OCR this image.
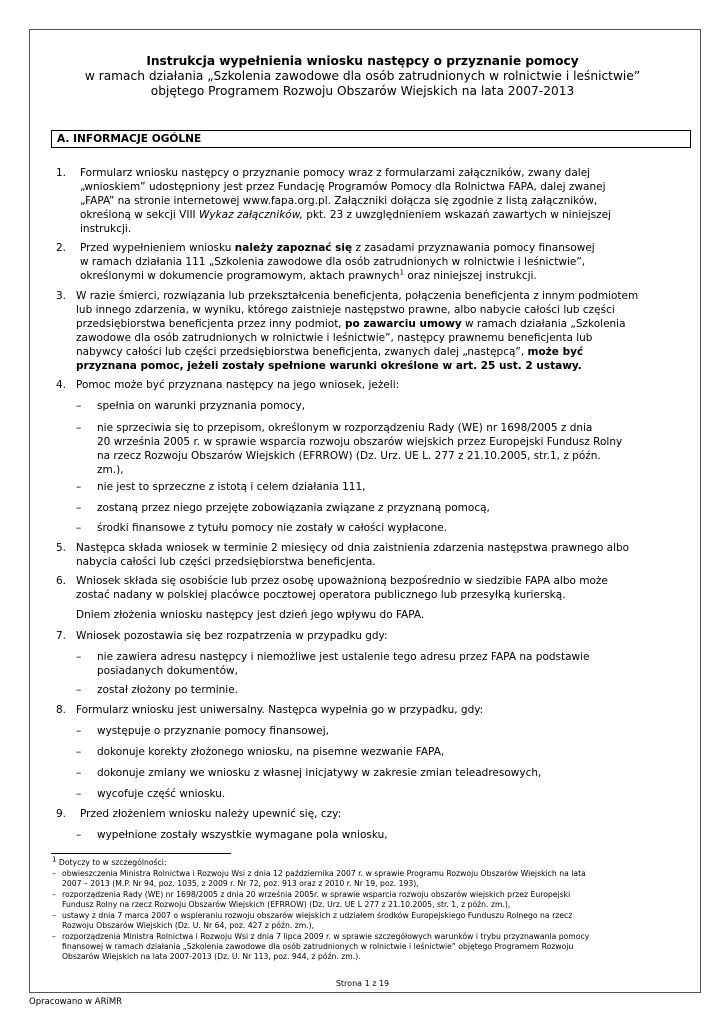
Instrukcja wypełnienia wniosku następcy o przyznanie pomocy
w ramach działania „Szkolenia zawodowe dla osób zatrudnionych w rolnictwie i leśnictwie”
objętego Programem Rozwoju Obszarów Wiejskich na lata 2007-2013
A. INFORMACJE OGÓLNE
1. Formularz wniosku następcy o przyznanie pomocy wraz z formularzami załączników, zwany dalej
„wnioskiem” udostępniony jest przez Fundację Programów Pomocy dla Rolnictwa FAPA, dalej zwanej
„FAPA” na stronie internetowej www.fapa.org.pl. Załączniki dołącza się zgodnie z listą załączników,
określoną w sekcji VIII Wykaz załączników, pkt. 23 z uwzględnieniem wskazań zawartych w niniejszej
instrukcji.
2. Przed wypełnieniem wniosku należy zapoznać się z zasadami przyznawania pomocy finansowej
w ramach działania 111 „Szkolenia zawodowe dla osób zatrudnionych w rolnictwie i leśnictwie”,
określonymi w dokumencie programowym, aktach prawnych$^1$ oraz niniejszej instrukcji.
3. W razie śmierci, rozwiązania lub przekształcenia beneficjenta, połączenia beneficjenta z innym podmiotem
lub innego zdarzenia, w wyniku, którego zaistnieje następstwo prawne, albo nabycie całości lub części
przedsiębiorstwa beneficjenta przez inny podmiot, po zawarciu umowy w ramach działania „Szkolenia
zawodowe dla osób zatrudnionych w rolnictwie i leśnictwie”, następcy prawnemu beneficjenta lub
nabywcy całości lub części przedsiębiorstwa beneficjenta, zwanych dalej „następcą”, może być
przyznana pomoc, jeżeli zostały spełnione warunki określone w art. 25 ust. 2 ustawy.
4. Pomoc może być przyznana następcy na jego wniosek, jeżeli:
– spełnia on warunki przyznania pomocy,
– nie sprzeciwia się to przepisom, określonym w rozporządzeniu Rady (WE) nr 1698/2005 z dnia
20 września 2005 r. w sprawie wsparcia rozwoju obszarów wiejskich przez Europejski Fundusz Rolny
na rzecz Rozwoju Obszarów Wiejskich (EFRROW) (Dz. Urz. UE L. 277 z 21.10.2005, str.1, z późn.
zm.),
– nie jest to sprzeczne z istotą i celem działania 111,
– zostaną przez niego przejęte zobowiązania związane z przyznaną pomocą,
– środki finansowe z tytułu pomocy nie zostały w całości wypłacone.
5. Następca składa wniosek w terminie 2 miesięcy od dnia zaistnienia zdarzenia następstwa prawnego albo
nabycia całości lub części przedsiębiorstwa beneficjenta.
6. Wniosek składa się osobiście lub przez osobę upoważnioną bezpośrednio w siedzibie FAPA albo może
zostać nadany w polskiej placówce pocztowej operatora publicznego lub przesyłką kurierską.
Dniem złożenia wniosku następcy jest dzień jego wpływu do FAPA.
7. Wniosek pozostawia się bez rozpatrzenia w przypadku gdy:
– nie zawiera adresu następcy i niemożliwe jest ustalenie tego adresu przez FAPA na podstawie
posiadanych dokumentów,
– został złożony po terminie.
8. Formularz wniosku jest uniwersalny. Następca wypełnia go w przypadku, gdy:
– występuje o przyznanie pomocy finansowej,
– dokonuje korekty złożonego wniosku, na pisemne wezwanie FAPA,
– dokonuje zmiany we wniosku z własnej inicjatywy w zakresie zmian teleadresowych,
– wycofuje część wniosku.
9. Przed złożeniem wniosku należy upewnić się, czy:
– wypełnione zostały wszystkie wymagane pola wniosku,
1 Dotyczy to w szczególności:
– obwieszczenia Ministra Rolnictwa i Rozwoju Wsi z dnia 12 października 2007 r. w sprawie Programu Rozwoju Obszarów Wiejskich na lata
2007 – 2013 (M.P. Nr 94, poz. 1035, z 2009 r. Nr 72, poz. 913 oraz z 2010 r. Nr 19, poz. 193),
– rozporządzenia Rady (WE) nr 1698/2005 z dnia 20 września 2005r. w sprawie wsparcia rozwoju obszarów wiejskich przez Europejski
Fundusz Rolny na rzecz Rozwoju Obszarów Wiejskich (EFRROW) (Dz. Urz. UE L 277 z 21.10.2005, str. 1, z późn. zm.),
– ustawy z dnia 7 marca 2007 o wspieraniu rozwoju obszarów wiejskich z udziałem środków Europejskiego Funduszu Rolnego na rzecz
Rozwoju Obszarów Wiejskich (Dz. U. Nr 64, poz. 427 z późn. zm.),
– rozporządzenia Ministra Rolnictwa i Rozwoju Wsi z dnia 7 lipca 2009 r. w sprawie szczegółowych warunków i trybu przyznawania pomocy
finansowej w ramach działania „Szkolenia zawodowe dla osób zatrudnionych w rolnictwie i leśnictwie” objętego Programem Rozwoju
Obszarów Wiejskich na lata 2007-2013 (Dz. U. Nr 113, poz. 944, z późn. zm.).
Strona 1 z 19
Opracowano w ARiMR
